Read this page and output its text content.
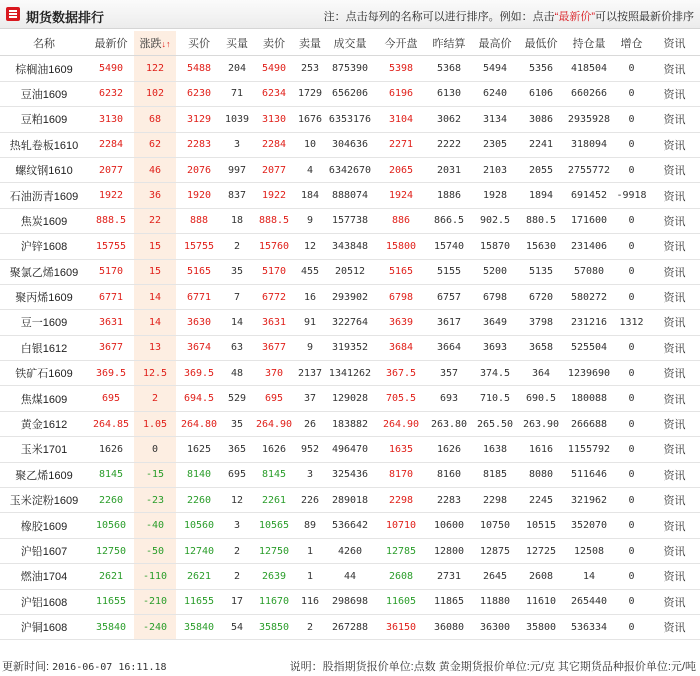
期货数据排行	注：点击每列的名称可以进行排序。例如：点击“最新价”可以按照最新价排序
名称	最新价	涨跌↓↑	买价	买量	卖价	卖量	成交量	今开盘	昨结算	最高价	最低价	持仓量	增仓	资讯
棕榈油1609	5490	122	5488	204	5490	253	875390	5398	5368	5494	5356	418504	0	资讯
豆油1609	6232	102	6230	71	6234	1729	656206	6196	6130	6240	6106	660266	0	资讯
豆粕1609	3130	68	3129	1039	3130	1676	6353176	3104	3062	3134	3086	2935928	0	资讯
热轧卷板1610	2284	62	2283	3	2284	10	304636	2271	2222	2305	2241	318094	0	资讯
螺纹钢1610	2077	46	2076	997	2077	4	6342670	2065	2031	2103	2055	2755772	0	资讯
石油沥青1609	1922	36	1920	837	1922	184	888074	1924	1886	1928	1894	691452	-9918	资讯
焦炭1609	888.5	22	888	18	888.5	9	157738	886	866.5	902.5	880.5	171600	0	资讯
沪锌1608	15755	15	15755	2	15760	12	343848	15800	15740	15870	15630	231406	0	资讯
聚氯乙烯1609	5170	15	5165	35	5170	455	20512	5165	5155	5200	5135	57080	0	资讯
聚丙烯1609	6771	14	6771	7	6772	16	293902	6798	6757	6798	6720	580272	0	资讯
豆一1609	3631	14	3630	14	3631	91	322764	3639	3617	3649	3798	231216	1312	资讯
白银1612	3677	13	3674	63	3677	9	319352	3684	3664	3693	3658	525504	0	资讯
铁矿石1609	369.5	12.5	369.5	48	370	2137	1341262	367.5	357	374.5	364	1239690	0	资讯
焦煤1609	695	2	694.5	529	695	37	129028	705.5	693	710.5	690.5	180088	0	资讯
黄金1612	264.85	1.05	264.80	35	264.90	26	183882	264.90	263.80	265.50	263.90	266688	0	资讯
玉米1701	1626	0	1625	365	1626	952	496470	1635	1626	1638	1616	1155792	0	资讯
聚乙烯1609	8145	-15	8140	695	8145	3	325436	8170	8160	8185	8080	511646	0	资讯
玉米淀粉1609	2260	-23	2260	12	2261	226	289018	2298	2283	2298	2245	321962	0	资讯
橡胶1609	10560	-40	10560	3	10565	89	536642	10710	10600	10750	10515	352070	0	资讯
沪铅1607	12750	-50	12740	2	12750	1	4260	12785	12800	12875	12725	12508	0	资讯
燃油1704	2621	-110	2621	2	2639	1	44	2608	2731	2645	2608	14	0	资讯
沪铝1608	11655	-210	11655	17	11670	116	298698	11605	11865	11880	11610	265440	0	资讯
沪铜1608	35840	-240	35840	54	35850	2	267288	36150	36080	36300	35800	536334	0	资讯
更新时间: 2016-06-07 16:11.18	说明：股指期货报价单位:点数 黄金期货报价单位:元/克 其它期货品种报价单位:元/吨
